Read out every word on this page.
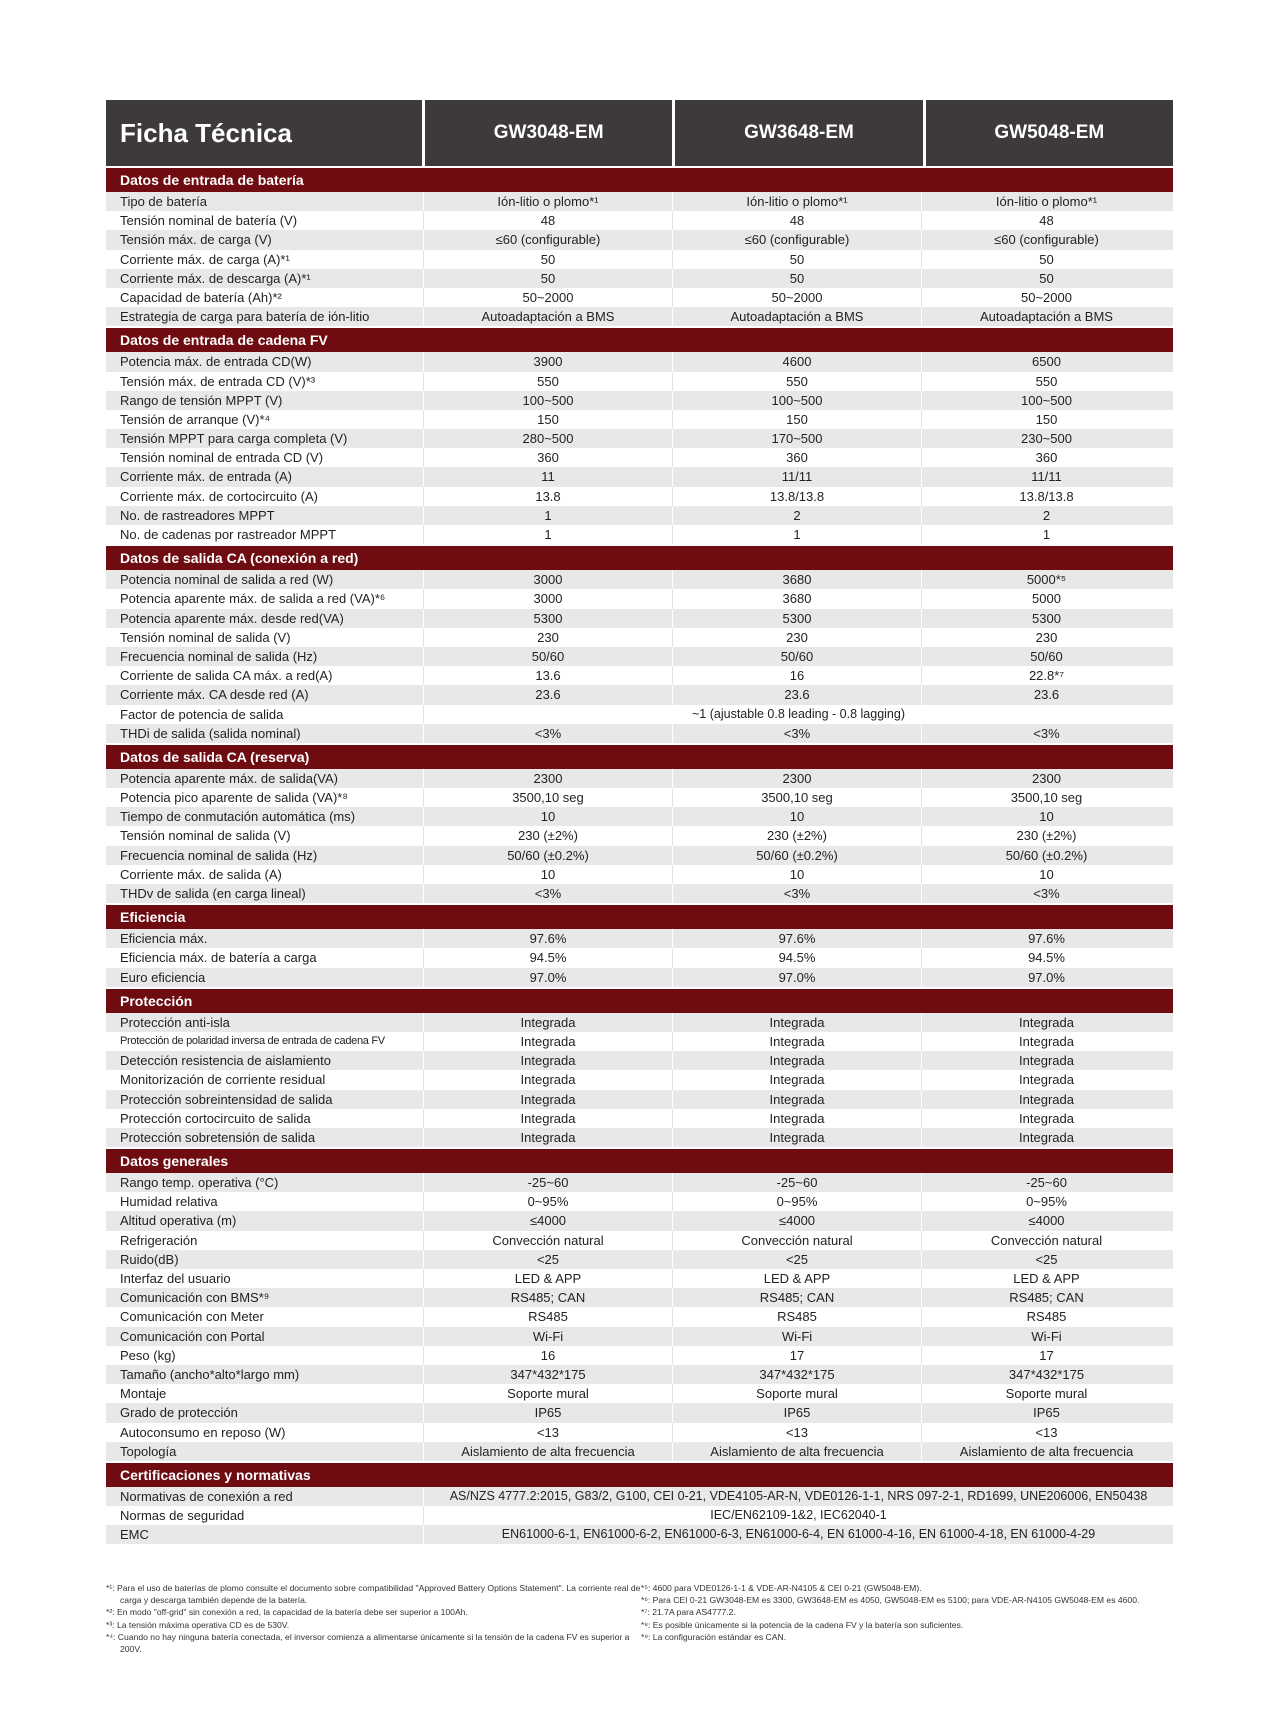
Ficha Técnica	GW3048-EM	GW3648-EM	GW5048-EM
Datos de entrada de batería
Tipo de batería	Ión-litio o plomo*¹	Ión-litio o plomo*¹	Ión-litio o plomo*¹
Tensión nominal de batería (V)	48	48	48
Tensión máx. de carga (V)	≤60 (configurable)	≤60 (configurable)	≤60 (configurable)
Corriente máx. de carga (A)*¹	50	50	50
Corriente máx. de descarga (A)*¹	50	50	50
Capacidad de batería (Ah)*²	50~2000	50~2000	50~2000
Estrategia de carga para batería de ión-litio	Autoadaptación a BMS	Autoadaptación a BMS	Autoadaptación a BMS
Datos de entrada de cadena FV
Potencia máx. de entrada CD(W)	3900	4600	6500
Tensión máx. de entrada CD (V)*³	550	550	550
Rango de tensión MPPT (V)	100~500	100~500	100~500
Tensión de arranque (V)*⁴	150	150	150
Tensión MPPT para carga completa (V)	280~500	170~500	230~500
Tensión nominal de entrada CD (V)	360	360	360
Corriente máx. de entrada (A)	11	11/11	11/11
Corriente máx. de cortocircuito (A)	13.8	13.8/13.8	13.8/13.8
No. de rastreadores MPPT	1	2	2
No. de cadenas por rastreador MPPT	1	1	1
Datos de salida CA (conexión a red)
Potencia nominal de salida a red (W)	3000	3680	5000*⁵
Potencia aparente máx. de salida a red (VA)*⁶	3000	3680	5000
Potencia aparente máx. desde red(VA)	5300	5300	5300
Tensión nominal de salida (V)	230	230	230
Frecuencia nominal de salida (Hz)	50/60	50/60	50/60
Corriente de salida CA máx. a red(A)	13.6	16	22.8*⁷
Corriente máx. CA desde red (A)	23.6	23.6	23.6
Factor de potencia de salida	~1 (ajustable 0.8 leading - 0.8 lagging)
THDi de salida (salida nominal)	<3%	<3%	<3%
Datos de salida CA (reserva)
Potencia aparente máx. de salida(VA)	2300	2300	2300
Potencia pico aparente de salida (VA)*⁸	3500,10 seg	3500,10 seg	3500,10 seg
Tiempo de conmutación automática (ms)	10	10	10
Tensión nominal de salida (V)	230 (±2%)	230 (±2%)	230 (±2%)
Frecuencia nominal de salida (Hz)	50/60 (±0.2%)	50/60 (±0.2%)	50/60 (±0.2%)
Corriente máx. de salida (A)	10	10	10
THDv de salida (en carga lineal)	<3%	<3%	<3%
Eficiencia
Eficiencia máx.	97.6%	97.6%	97.6%
Eficiencia máx. de batería a carga	94.5%	94.5%	94.5%
Euro eficiencia	97.0%	97.0%	97.0%
Protección
Protección anti-isla	Integrada	Integrada	Integrada
Protección de polaridad inversa de entrada de cadena FV	Integrada	Integrada	Integrada
Detección resistencia de aislamiento	Integrada	Integrada	Integrada
Monitorización de corriente residual	Integrada	Integrada	Integrada
Protección sobreintensidad de salida	Integrada	Integrada	Integrada
Protección cortocircuito de salida	Integrada	Integrada	Integrada
Protección sobretensión de salida	Integrada	Integrada	Integrada
Datos generales
Rango temp. operativa (°C)	-25~60	-25~60	-25~60
Humidad relativa	0~95%	0~95%	0~95%
Altitud operativa (m)	≤4000	≤4000	≤4000
Refrigeración	Convección natural	Convección natural	Convección natural
Ruido(dB)	<25	<25	<25
Interfaz del usuario	LED & APP	LED & APP	LED & APP
Comunicación con BMS*⁹	RS485; CAN	RS485; CAN	RS485; CAN
Comunicación con Meter	RS485	RS485	RS485
Comunicación con Portal	Wi-Fi	Wi-Fi	Wi-Fi
Peso (kg)	16	17	17
Tamaño (ancho*alto*largo mm)	347*432*175	347*432*175	347*432*175
Montaje	Soporte mural	Soporte mural	Soporte mural
Grado de protección	IP65	IP65	IP65
Autoconsumo en reposo (W)	<13	<13	<13
Topología	Aislamiento de alta frecuencia	Aislamiento de alta frecuencia	Aislamiento de alta frecuencia
Certificaciones y normativas
Normativas de conexión a red	AS/NZS 4777.2:2015, G83/2, G100, CEI 0-21, VDE4105-AR-N, VDE0126-1-1, NRS 097-2-1, RD1699, UNE206006, EN50438
Normas de seguridad	IEC/EN62109-1&2, IEC62040-1
EMC	EN61000-6-1, EN61000-6-2, EN61000-6-3, EN61000-6-4, EN 61000-4-16, EN 61000-4-18, EN 61000-4-29
*¹: Para el uso de baterías de plomo consulte el documento sobre compatibilidad "Approved Battery Options Statement". La corriente real de carga y descarga también depende de la batería.
*²: En modo "off-grid" sin conexión a red, la capacidad de la batería debe ser superior a 100Ah.
*³: La tensión máxima operativa CD es de 530V.
*⁴: Cuando no hay ninguna batería conectada, el inversor comienza a alimentarse únicamente si la tensión de la cadena FV es superior a 200V.
*⁵: 4600 para VDE0126-1-1 & VDE-AR-N4105 & CEI 0-21 (GW5048-EM).
*⁶: Para CEI 0-21 GW3048-EM es 3300, GW3648-EM es 4050, GW5048-EM es 5100; para VDE-AR-N4105 GW5048-EM es 4600.
*⁷: 21.7A para AS4777.2.
*⁸: Es posible únicamente si la potencia de la cadena FV y la batería son suficientes.
*⁹: La configuración estándar es CAN.
